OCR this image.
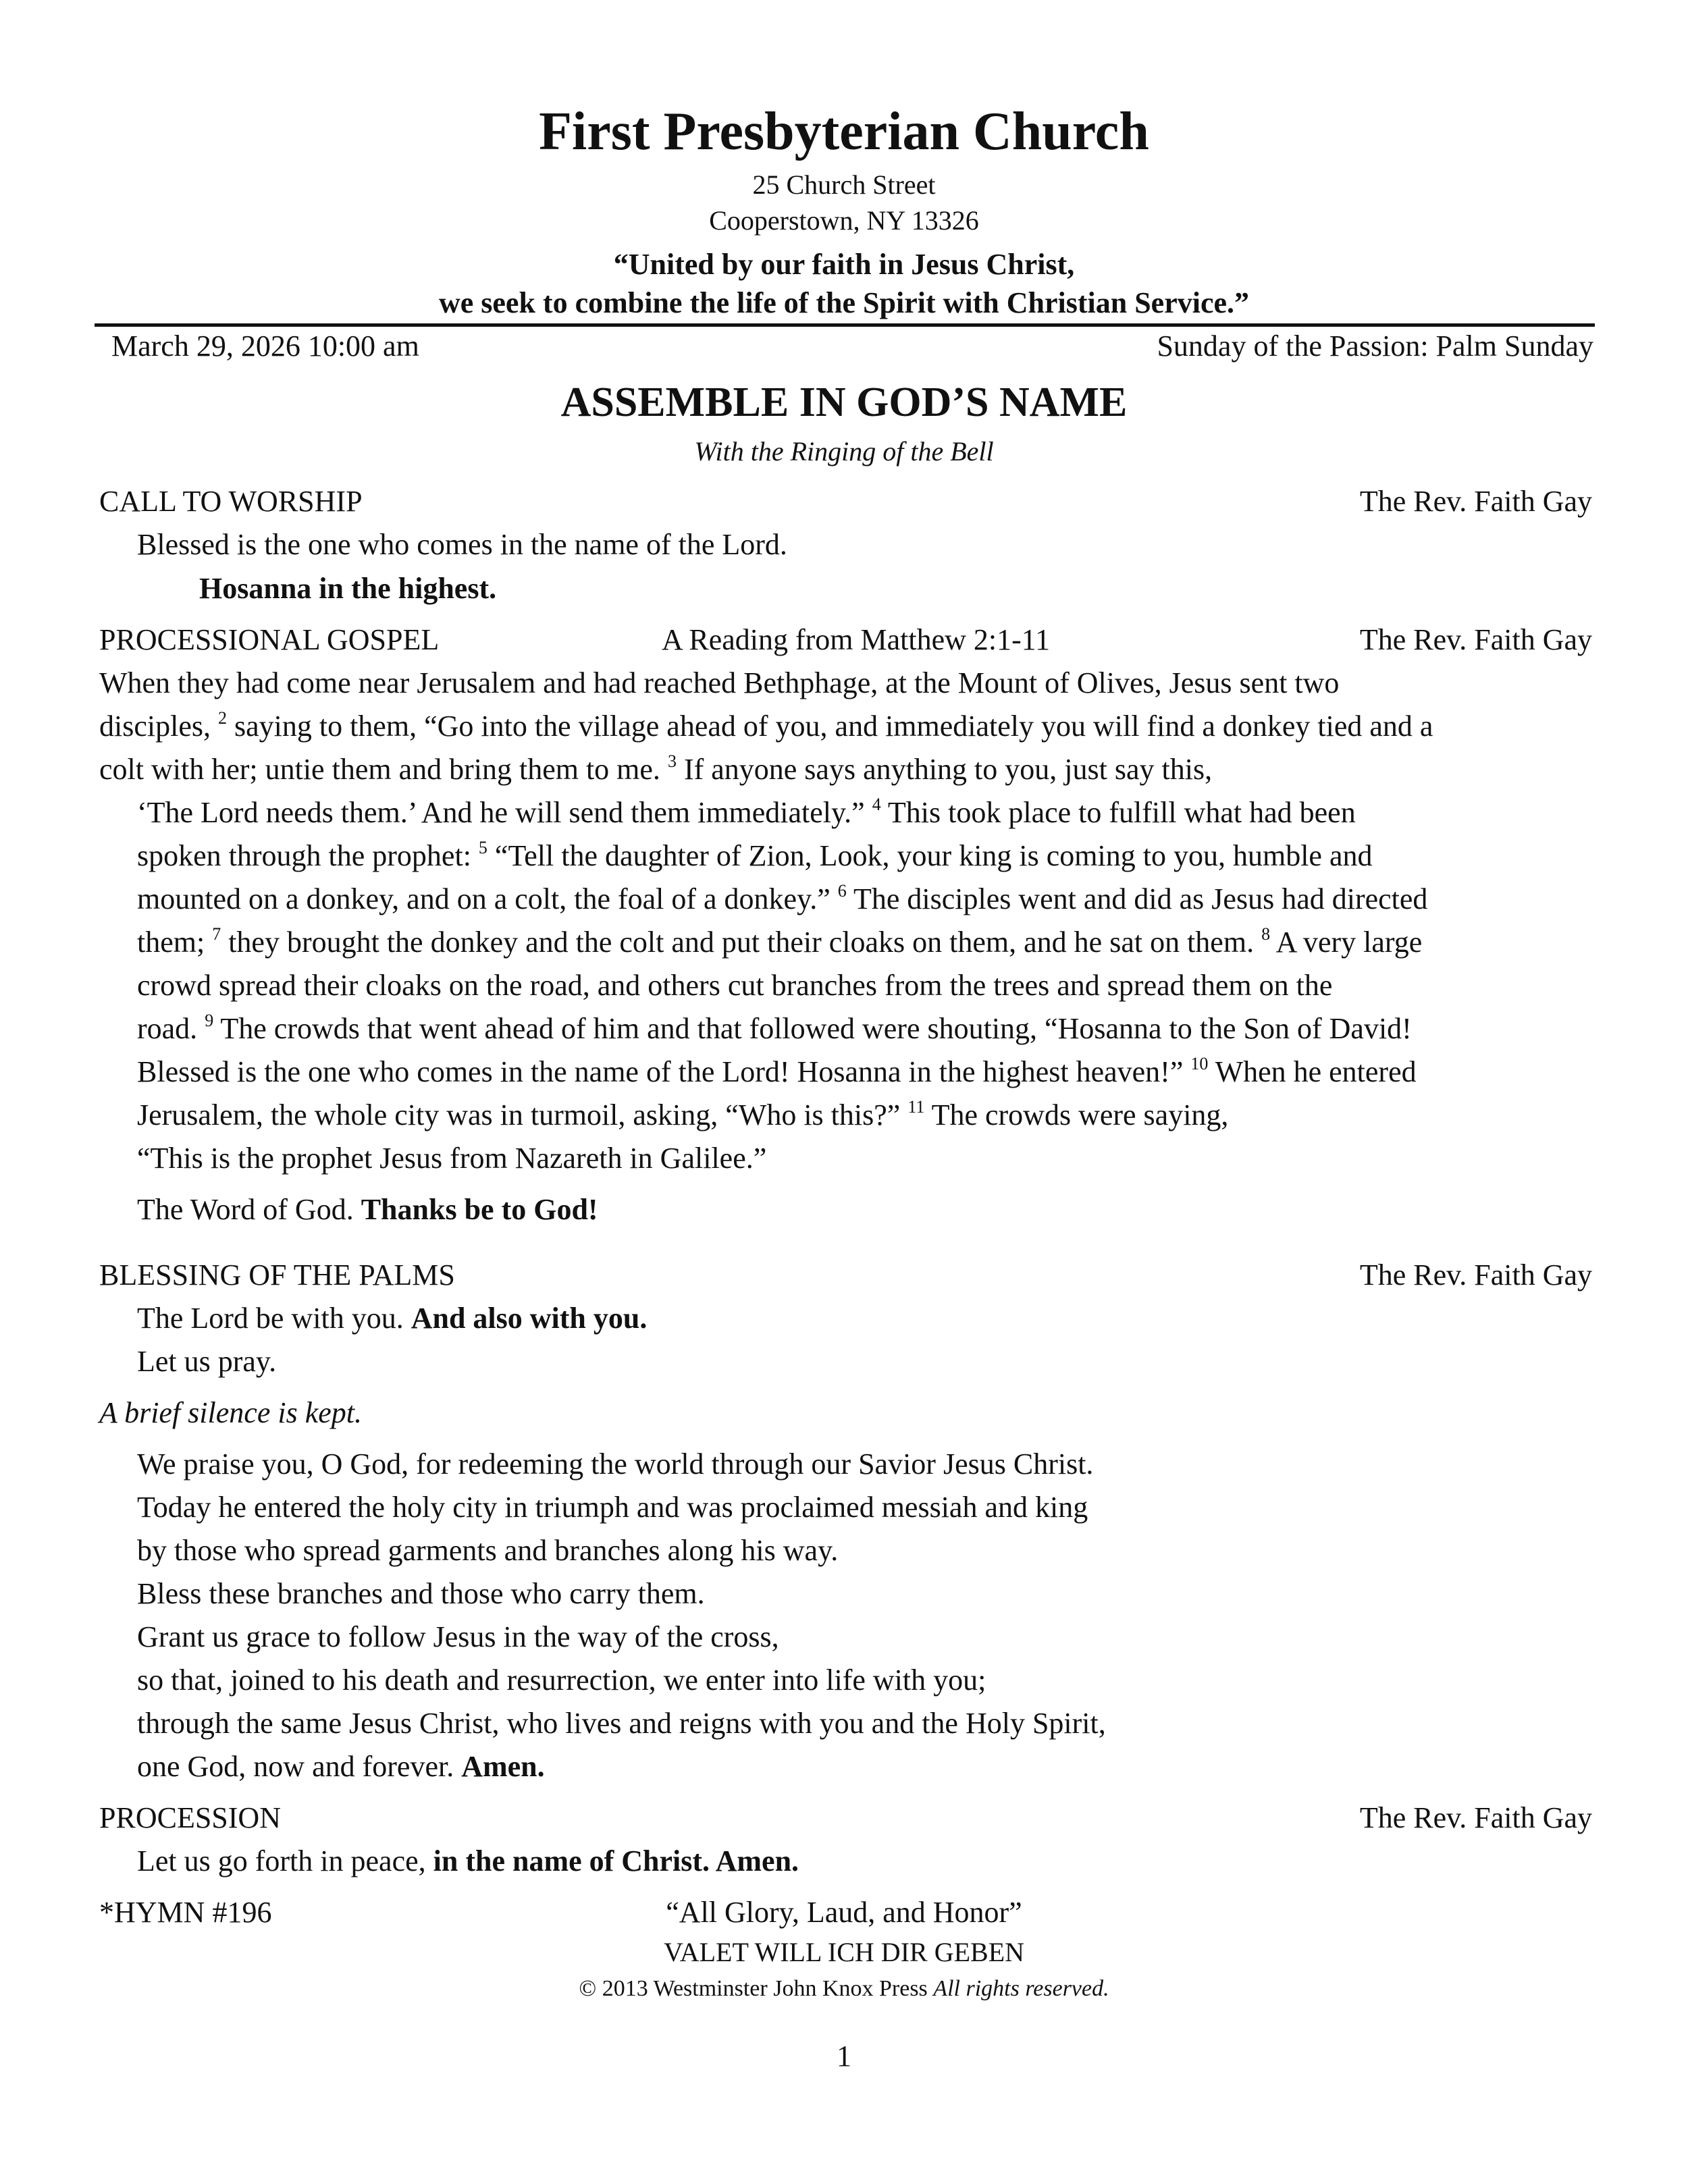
First Presbyterian Church
25 Church Street
Cooperstown, NY 13326
“United by our faith in Jesus Christ,
we seek to combine the life of the Spirit with Christian Service.”
March 29, 2026 10:00 am	Sunday of the Passion: Palm Sunday
ASSEMBLE IN GOD’S NAME
With the Ringing of the Bell
CALL TO WORSHIP	The Rev. Faith Gay
Blessed is the one who comes in the name of the Lord.
Hosanna in the highest.
PROCESSIONAL GOSPEL	A Reading from Matthew 2:1-11	The Rev. Faith Gay
When they had come near Jerusalem and had reached Bethphage, at the Mount of Olives, Jesus sent two
disciples, $^2$ saying to them, “Go into the village ahead of you, and immediately you will find a donkey tied and a
colt with her; untie them and bring them to me. $^3$ If anyone says anything to you, just say this,
‘The Lord needs them.’ And he will send them immediately.” $^4$ This took place to fulfill what had been
spoken through the prophet: $^5$ “Tell the daughter of Zion, Look, your king is coming to you, humble and
mounted on a donkey, and on a colt, the foal of a donkey.” $^6$ The disciples went and did as Jesus had directed
them; $^7$ they brought the donkey and the colt and put their cloaks on them, and he sat on them. $^8$ A very large
crowd spread their cloaks on the road, and others cut branches from the trees and spread them on the
road. $^9$ The crowds that went ahead of him and that followed were shouting, “Hosanna to the Son of David!
Blessed is the one who comes in the name of the Lord! Hosanna in the highest heaven!” $^{10}$ When he entered
Jerusalem, the whole city was in turmoil, asking, “Who is this?” $^{11}$ The crowds were saying,
“This is the prophet Jesus from Nazareth in Galilee.”
The Word of God. Thanks be to God!
BLESSING OF THE PALMS	The Rev. Faith Gay
The Lord be with you. And also with you.
Let us pray.
A brief silence is kept.
We praise you, O God, for redeeming the world through our Savior Jesus Christ.
Today he entered the holy city in triumph and was proclaimed messiah and king
by those who spread garments and branches along his way.
Bless these branches and those who carry them.
Grant us grace to follow Jesus in the way of the cross,
so that, joined to his death and resurrection, we enter into life with you;
through the same Jesus Christ, who lives and reigns with you and the Holy Spirit,
one God, now and forever. Amen.
PROCESSION	The Rev. Faith Gay
Let us go forth in peace, in the name of Christ. Amen.
*HYMN #196	“All Glory, Laud, and Honor”
VALET WILL ICH DIR GEBEN
© 2013 Westminster John Knox Press All rights reserved.
1
